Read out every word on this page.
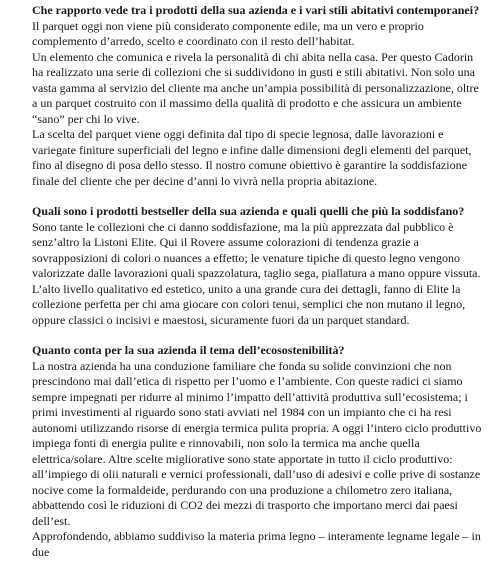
Che rapporto vede tra i prodotti della sua azienda e i vari stili abitativi contemporanei?

Il parquet oggi non viene più considerato componente edile, ma un vero e proprio complemento d’arredo, scelto e coordinato con il resto dell’habitat.

Un elemento che comunica e rivela la personalità di chi abita nella casa. Per questo Cadorin ha realizzato una serie di collezioni che si suddividono in gusti e stili abitativi. Non solo una vasta gamma al servizio del cliente ma anche un’ampia possibilità di personalizzazione, oltre a un parquet costruito con il massimo della qualità di prodotto e che assicura un ambiente “sano” per chi lo vive.

La scelta del parquet viene oggi definita dal tipo di specie legnosa, dalle lavorazioni e variegate finiture superficiali del legno e infine dalle dimensioni degli elementi del parquet, fino al disegno di posa dello stesso. Il nostro comune obiettivo è garantire la soddisfazione finale del cliente che per decine d’anni lo vivrà nella propria abitazione.

Quali sono i prodotti bestseller della sua azienda e quali quelli che più la soddisfano?

Sono tante le collezioni che ci danno soddisfazione, ma la più apprezzata dal pubblico è senz’altro la Listoni Elite. Qui il Rovere assume colorazioni di tendenza grazie a sovrapposizioni di colori o nuances a effetto; le venature tipiche di questo legno vengono valorizzate dalle lavorazioni quali spazzolatura, taglio sega, piallatura a mano oppure vissuta.

L’alto livello qualitativo ed estetico, unito a una grande cura dei dettagli, fanno di Elite la collezione perfetta per chi ama giocare con colori tenui, semplici che non mutano il legno, oppure classici o incisivi e maestosi, sicuramente fuori da un parquet standard.

Quanto conta per la sua azienda il tema dell’ecosostenibilità?

La nostra azienda ha una conduzione familiare che fonda su solide convinzioni che non prescindono mai dall’etica di rispetto per l’uomo e l’ambiente. Con queste radici ci siamo sempre impegnati per ridurre al minimo l’impatto dell’attività produttiva sull’ecosistema; i primi investimenti al riguardo sono stati avviati nel 1984 con un impianto che ci ha resi autonomi utilizzando risorse di energia termica pulita propria. A oggi l’intero ciclo produttivo impiega fonti di energia pulite e rinnovabili, non solo la termica ma anche quella elettrica/solare. Altre scelte migliorative sono state apportate in tutto il ciclo produttivo: all’impiego di olii naturali e vernici professionali, dall’uso di adesivi e colle prive di sostanze nocive come la formaldeide, perdurando con una produzione a chilometro zero italiana, abbattendo così le riduzioni di CO2 dei mezzi di trasporto che importano merci dai paesi dell’est.

Approfondendo, abbiamo suddiviso la materia prima legno – interamente legname legale – in due
